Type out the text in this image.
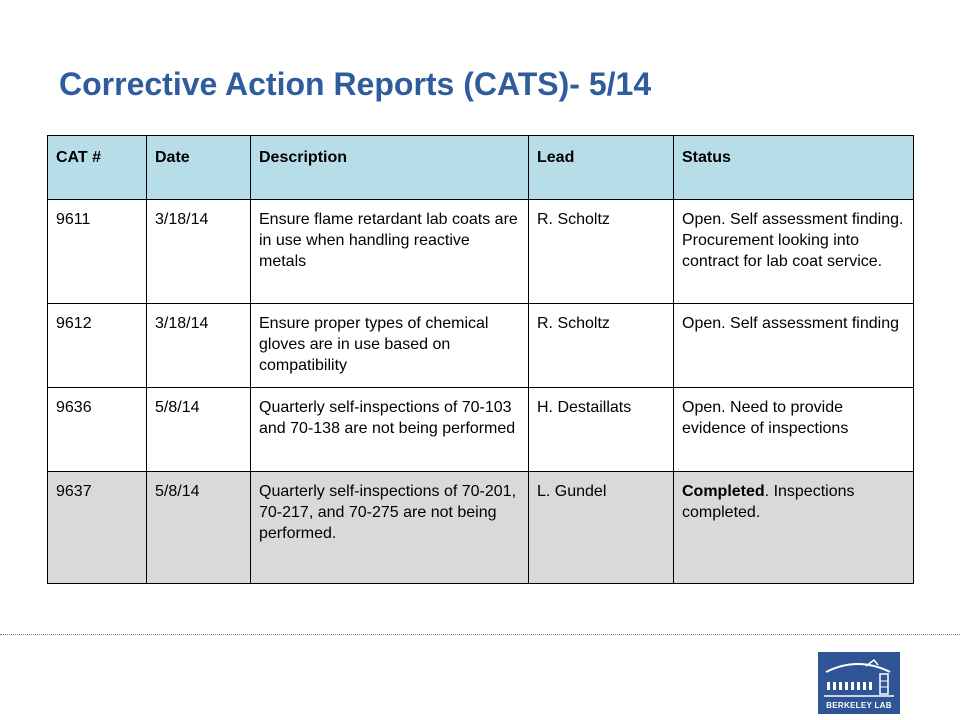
Corrective Action Reports (CATS)- 5/14
CAT #	Date	Description	Lead	Status
9611	3/18/14	Ensure flame retardant lab coats are in use when handling reactive metals	R. Scholtz	Open. Self assessment finding. Procurement looking into contract for lab coat service.
9612	3/18/14	Ensure proper types of chemical gloves are in use based on compatibility	R. Scholtz	Open. Self assessment finding
9636	5/8/14	Quarterly self-inspections of 70-103 and 70-138 are not being performed	H. Destaillats	Open. Need to provide evidence of inspections
9637	5/8/14	Quarterly self-inspections of 70-201, 70-217, and 70-275 are not being performed.	L. Gundel	Completed. Inspections completed.
BERKELEY LAB
